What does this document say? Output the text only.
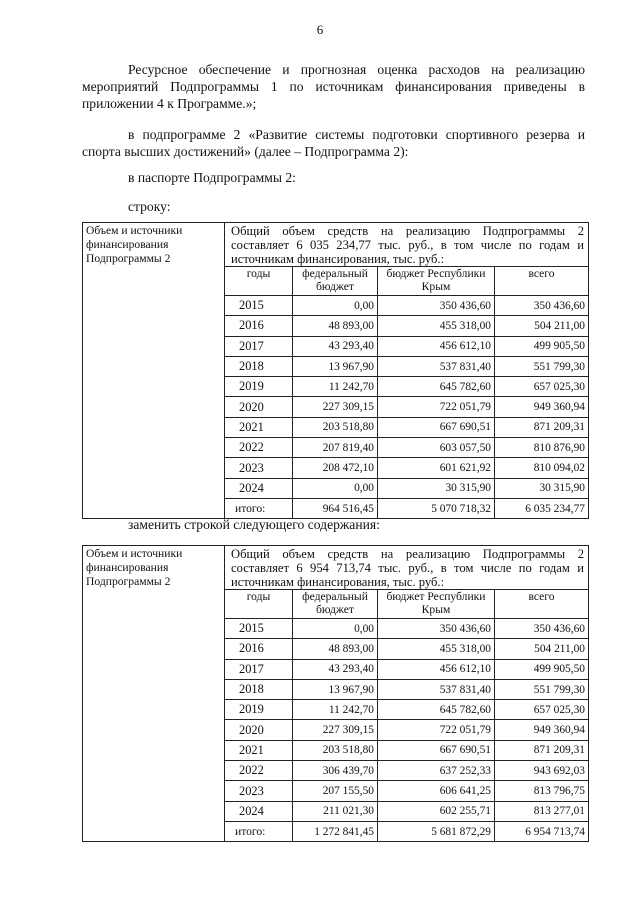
6

Ресурсное обеспечение и прогнозная оценка расходов на реализацию мероприятий Подпрограммы 1 по источникам финансирования приведены в приложении 4 к Программе.»;

в подпрограмме 2 «Развитие системы подготовки спортивного резерва и спорта высших достижений» (далее – Подпрограмма 2):

в паспорте Подпрограммы 2:

строку:

Объем и источники финансирования Подпрограммы 2	
Общий объем средств на реализацию Подпрограммы 2 составляет 6 035 234,77 тыс. руб., в том числе по годам и источникам финансирования, тыс. руб.:
годы	федеральный бюджет	бюджет Республики Крым	всего
2015	0,00	350 436,60	350 436,60
2016	48 893,00	455 318,00	504 211,00
2017	43 293,40	456 612,10	499 905,50
2018	13 967,90	537 831,40	551 799,30
2019	11 242,70	645 782,60	657 025,30
2020	227 309,15	722 051,79	949 360,94
2021	203 518,80	667 690,51	871 209,31
2022	207 819,40	603 057,50	810 876,90
2023	208 472,10	601 621,92	810 094,02
2024	0,00	30 315,90	30 315,90
итого:	964 516,45	5 070 718,32	6 035 234,77

заменить строкой следующего содержания:

Объем и источники финансирования Подпрограммы 2	
Общий объем средств на реализацию Подпрограммы 2 составляет 6 954 713,74 тыс. руб., в том числе по годам и источникам финансирования, тыс. руб.:
годы	федеральный бюджет	бюджет Республики Крым	всего
2015	0,00	350 436,60	350 436,60
2016	48 893,00	455 318,00	504 211,00
2017	43 293,40	456 612,10	499 905,50
2018	13 967,90	537 831,40	551 799,30
2019	11 242,70	645 782,60	657 025,30
2020	227 309,15	722 051,79	949 360,94
2021	203 518,80	667 690,51	871 209,31
2022	306 439,70	637 252,33	943 692,03
2023	207 155,50	606 641,25	813 796,75
2024	211 021,30	602 255,71	813 277,01
итого:	1 272 841,45	5 681 872,29	6 954 713,74
